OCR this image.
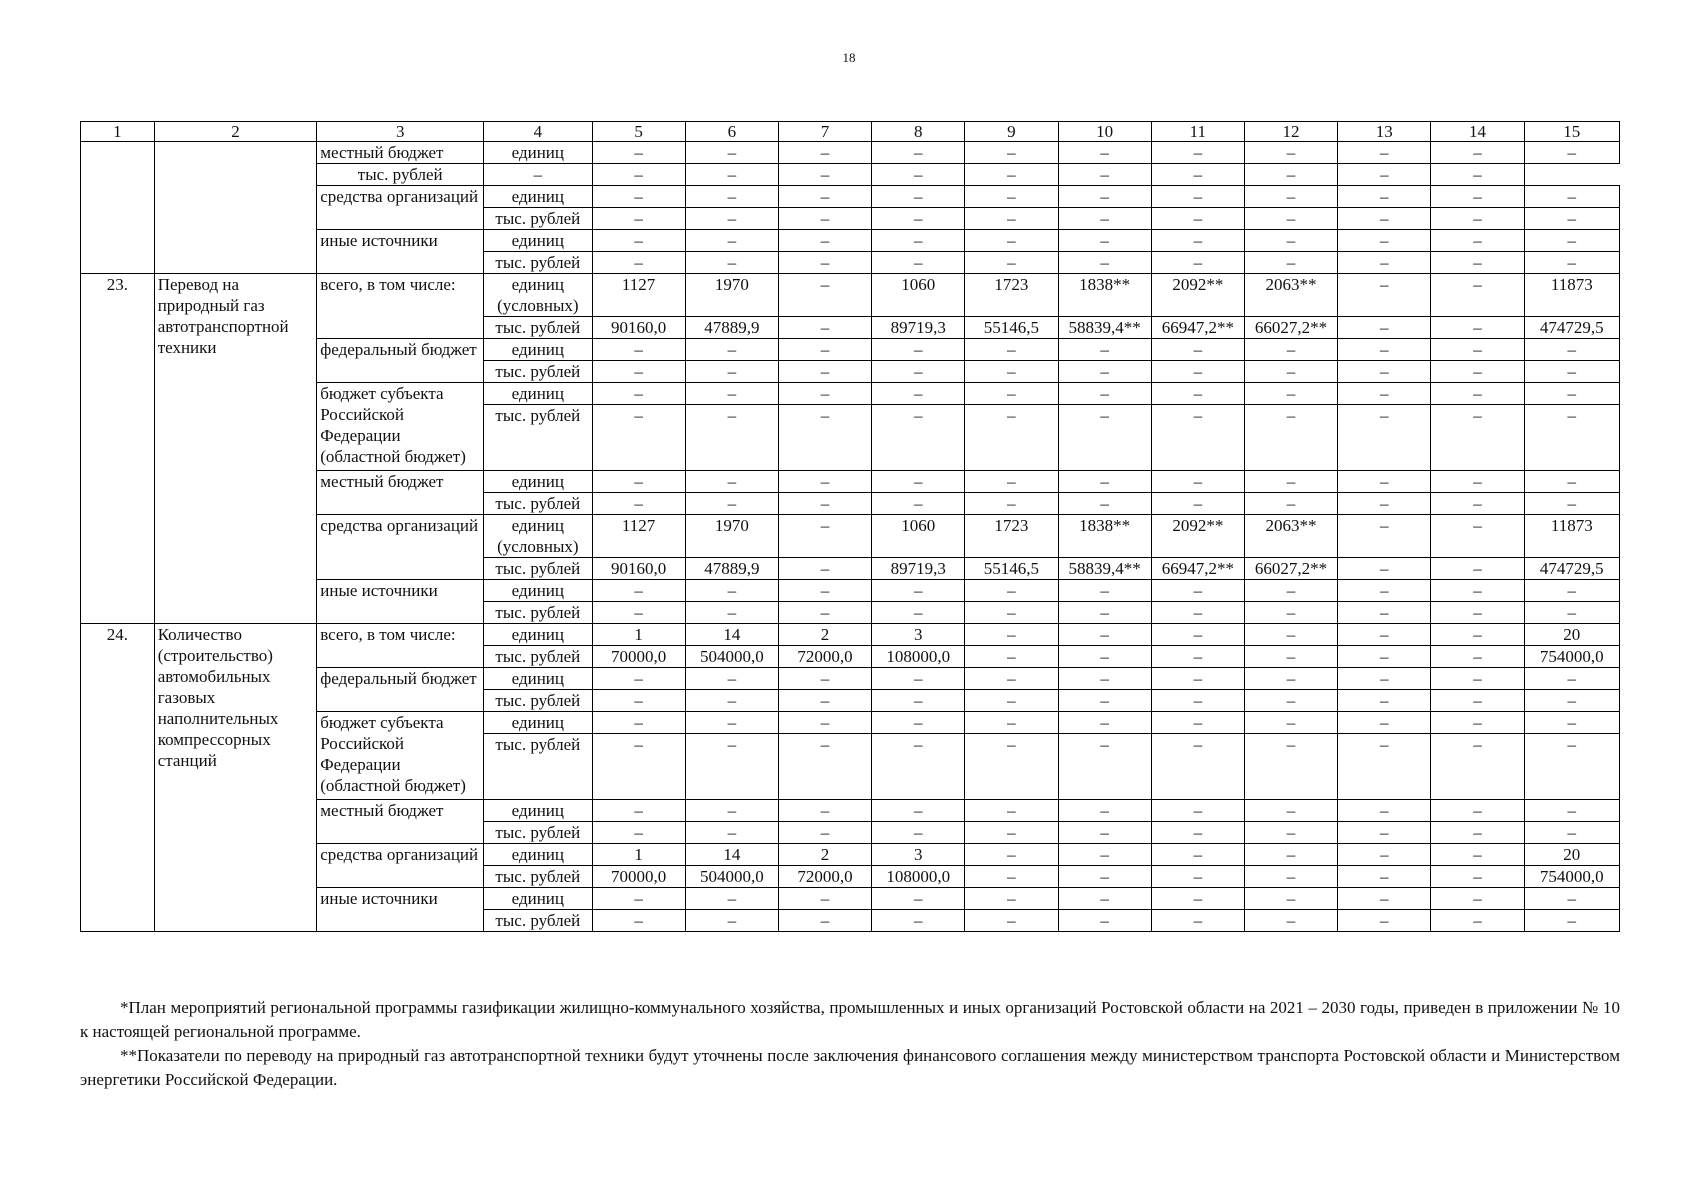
18
1	2	3	4	5	6	7	8	9	10	11	12	13	14	15
		местный бюджет	единиц	–	–	–	–	–	–	–	–	–	–	–
		тыс. рублей	–	–	–	–	–	–	–	–	–	–	–	
		средства организаций	единиц	–	–	–	–	–	–	–	–	–	–	–
			тыс. рублей	–	–	–	–	–	–	–	–	–	–	–
		иные источники	единиц	–	–	–	–	–	–	–	–	–	–	–
			тыс. рублей	–	–	–	–	–	–	–	–	–	–	–
23.	Перевод на природный газ автотранспортной техники	всего, в том числе:	единиц (условных)	1127	1970	–	1060	1723	1838**	2092**	2063**	–	–	11873
			тыс. рублей	90160,0	47889,9	–	89719,3	55146,5	58839,4**	66947,2**	66027,2**	–	–	474729,5
		федеральный бюджет	единиц	–	–	–	–	–	–	–	–	–	–	–
			тыс. рублей	–	–	–	–	–	–	–	–	–	–	–
		бюджет субъекта Российской Федерации (областной бюджет)	единиц	–	–	–	–	–	–	–	–	–	–	–
			тыс. рублей	–	–	–	–	–	–	–	–	–	–	–
		местный бюджет	единиц	–	–	–	–	–	–	–	–	–	–	–
			тыс. рублей	–	–	–	–	–	–	–	–	–	–	–
		средства организаций	единиц (условных)	1127	1970	–	1060	1723	1838**	2092**	2063**	–	–	11873
			тыс. рублей	90160,0	47889,9	–	89719,3	55146,5	58839,4**	66947,2**	66027,2**	–	–	474729,5
		иные источники	единиц	–	–	–	–	–	–	–	–	–	–	–
			тыс. рублей	–	–	–	–	–	–	–	–	–	–	–
24.	Количество (строительство) автомобильных газовых наполнительных компрессорных станций	всего, в том числе:	единиц	1	14	2	3	–	–	–	–	–	–	20
			тыс. рублей	70000,0	504000,0	72000,0	108000,0	–	–	–	–	–	–	754000,0
		федеральный бюджет	единиц	–	–	–	–	–	–	–	–	–	–	–
			тыс. рублей	–	–	–	–	–	–	–	–	–	–	–
		бюджет субъекта Российской Федерации (областной бюджет)	единиц	–	–	–	–	–	–	–	–	–	–	–
			тыс. рублей	–	–	–	–	–	–	–	–	–	–	–
		местный бюджет	единиц	–	–	–	–	–	–	–	–	–	–	–
			тыс. рублей	–	–	–	–	–	–	–	–	–	–	–
		средства организаций	единиц	1	14	2	3	–	–	–	–	–	–	20
			тыс. рублей	70000,0	504000,0	72000,0	108000,0	–	–	–	–	–	–	754000,0
		иные источники	единиц	–	–	–	–	–	–	–	–	–	–	–
			тыс. рублей	–	–	–	–	–	–	–	–	–	–	–

*План мероприятий региональной программы газификации жилищно-коммунального хозяйства, промышленных и иных организаций Ростовской области на 2021 – 2030 годы, приведен в приложении № 10 к настоящей региональной программе.

**Показатели по переводу на природный газ автотранспортной техники будут уточнены после заключения финансового соглашения между министерством транспорта Ростовской области и Министерством энергетики Российской Федерации.
